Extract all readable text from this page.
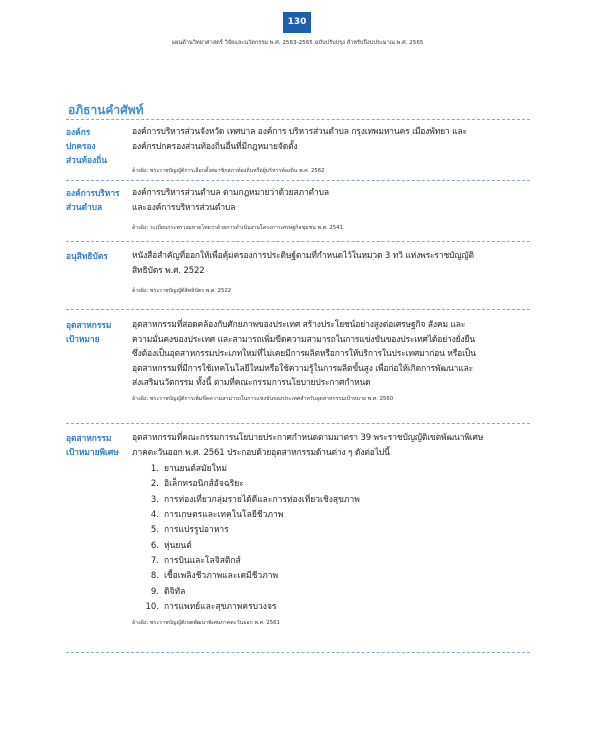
130
แผนด้านวิทยาศาสตร์ วิจัยและนวัตกรรม พ.ศ. 2563-2565 ฉบับปรับปรุง สำหรับปีงบประมาณ พ.ศ. 2565
อภิธานคำศัพท์
องค์กร
ปกครอง
ส่วนท้องถิ่น
องค์การบริหารส่วนจังหวัด เทศบาล องค์การ บริหารส่วนตำบล กรุงเทพมหานคร เมืองพัทยา และ
องค์กรปกครองส่วนท้องถิ่นอื่นที่มีกฎหมายจัดตั้ง
อ้างอิง: พระราชบัญญัติการเลือกตั้งสมาชิกสภาท้องถิ่นหรือผู้บริหารท้องถิ่น พ.ศ. 2562
องค์การบริหาร
ส่วนตำบล
องค์การบริหารส่วนตำบล ตามกฎหมายว่าด้วยสภาตำบล
และองค์การบริหารส่วนตำบล
อ้างอิง: ระเบียบกระทรวงมหาดไทยว่าด้วยการดำเนินงานโครงการเศรษฐกิจชุมชน พ.ศ. 2541
อนุสิทธิบัตร	หนังสือสำคัญที่ออกให้เพื่อคุ้มครองการประดิษฐ์ตามที่กำหนดไว้ในหมวด 3 ทวิ แห่งพระราชบัญญัติ
สิทธิบัตร พ.ศ. 2522
อ้างอิง: พระราชบัญญัติสิทธิบัตร พ.ศ. 2522
อุตสาหกรรม
เป้าหมาย
อุตสาหกรรมที่สอดคล้องกับศักยภาพของประเทศ สร้างประโยชน์อย่างสูงต่อเศรษฐกิจ สังคม และ
ความมั่นคงของประเทศ และสามารถเพิ่มขีดความสามารถในการแข่งขันของประเทศได้อย่างยั่งยืน
ซึ่งต้องเป็นอุตสาหกรรมประเภทใหม่ที่ไม่เคยมีการผลิตหรือการให้บริการในประเทศมาก่อน หรือเป็น
อุตสาหกรรมที่มีการใช้เทคโนโลยีใหม่หรือใช้ความรู้ในการผลิตขั้นสูง เพื่อก่อให้เกิดการพัฒนาและ
ส่งเสริมนวัตกรรม ทั้งนี้ ตามที่คณะกรรมการนโยบายประกาศกำหนด
อ้างอิง: พระราชบัญญัติการเพิ่มขีดความสามารถในการแข่งขันของประเทศสำหรับอุตสาหกรรมเป้าหมาย พ.ศ. 2560
อุตสาหกรรม
เป้าหมายพิเศษ
อุตสาหกรรมที่คณะกรรมการนโยบายประกาศกำหนดตามมาตรา 39 พระราชบัญญัติเขตพัฒนาพิเศษ
ภาคตะวันออก พ.ศ. 2561 ประกอบด้วยอุตสาหกรรมด้านต่าง ๆ ดังต่อไปนี้
1. ยานยนต์สมัยใหม่
2. อิเล็กทรอนิกส์อัจฉริยะ
3. การท่องเที่ยวกลุ่มรายได้ดีและการท่องเที่ยวเชิงสุขภาพ
4. การเกษตรและเทคโนโลยีชีวภาพ
5. การแปรรูปอาหาร
6. หุ่นยนต์
7. การบินและโลจิสติกส์
8. เชื้อเพลิงชีวภาพและเคมีชีวภาพ
9. ดิจิทัล
10. การแพทย์และสุขภาพครบวงจร
อ้างอิง: พระราชบัญญัติเขตพัฒนาพิเศษภาคตะวันออก พ.ศ. 2561
